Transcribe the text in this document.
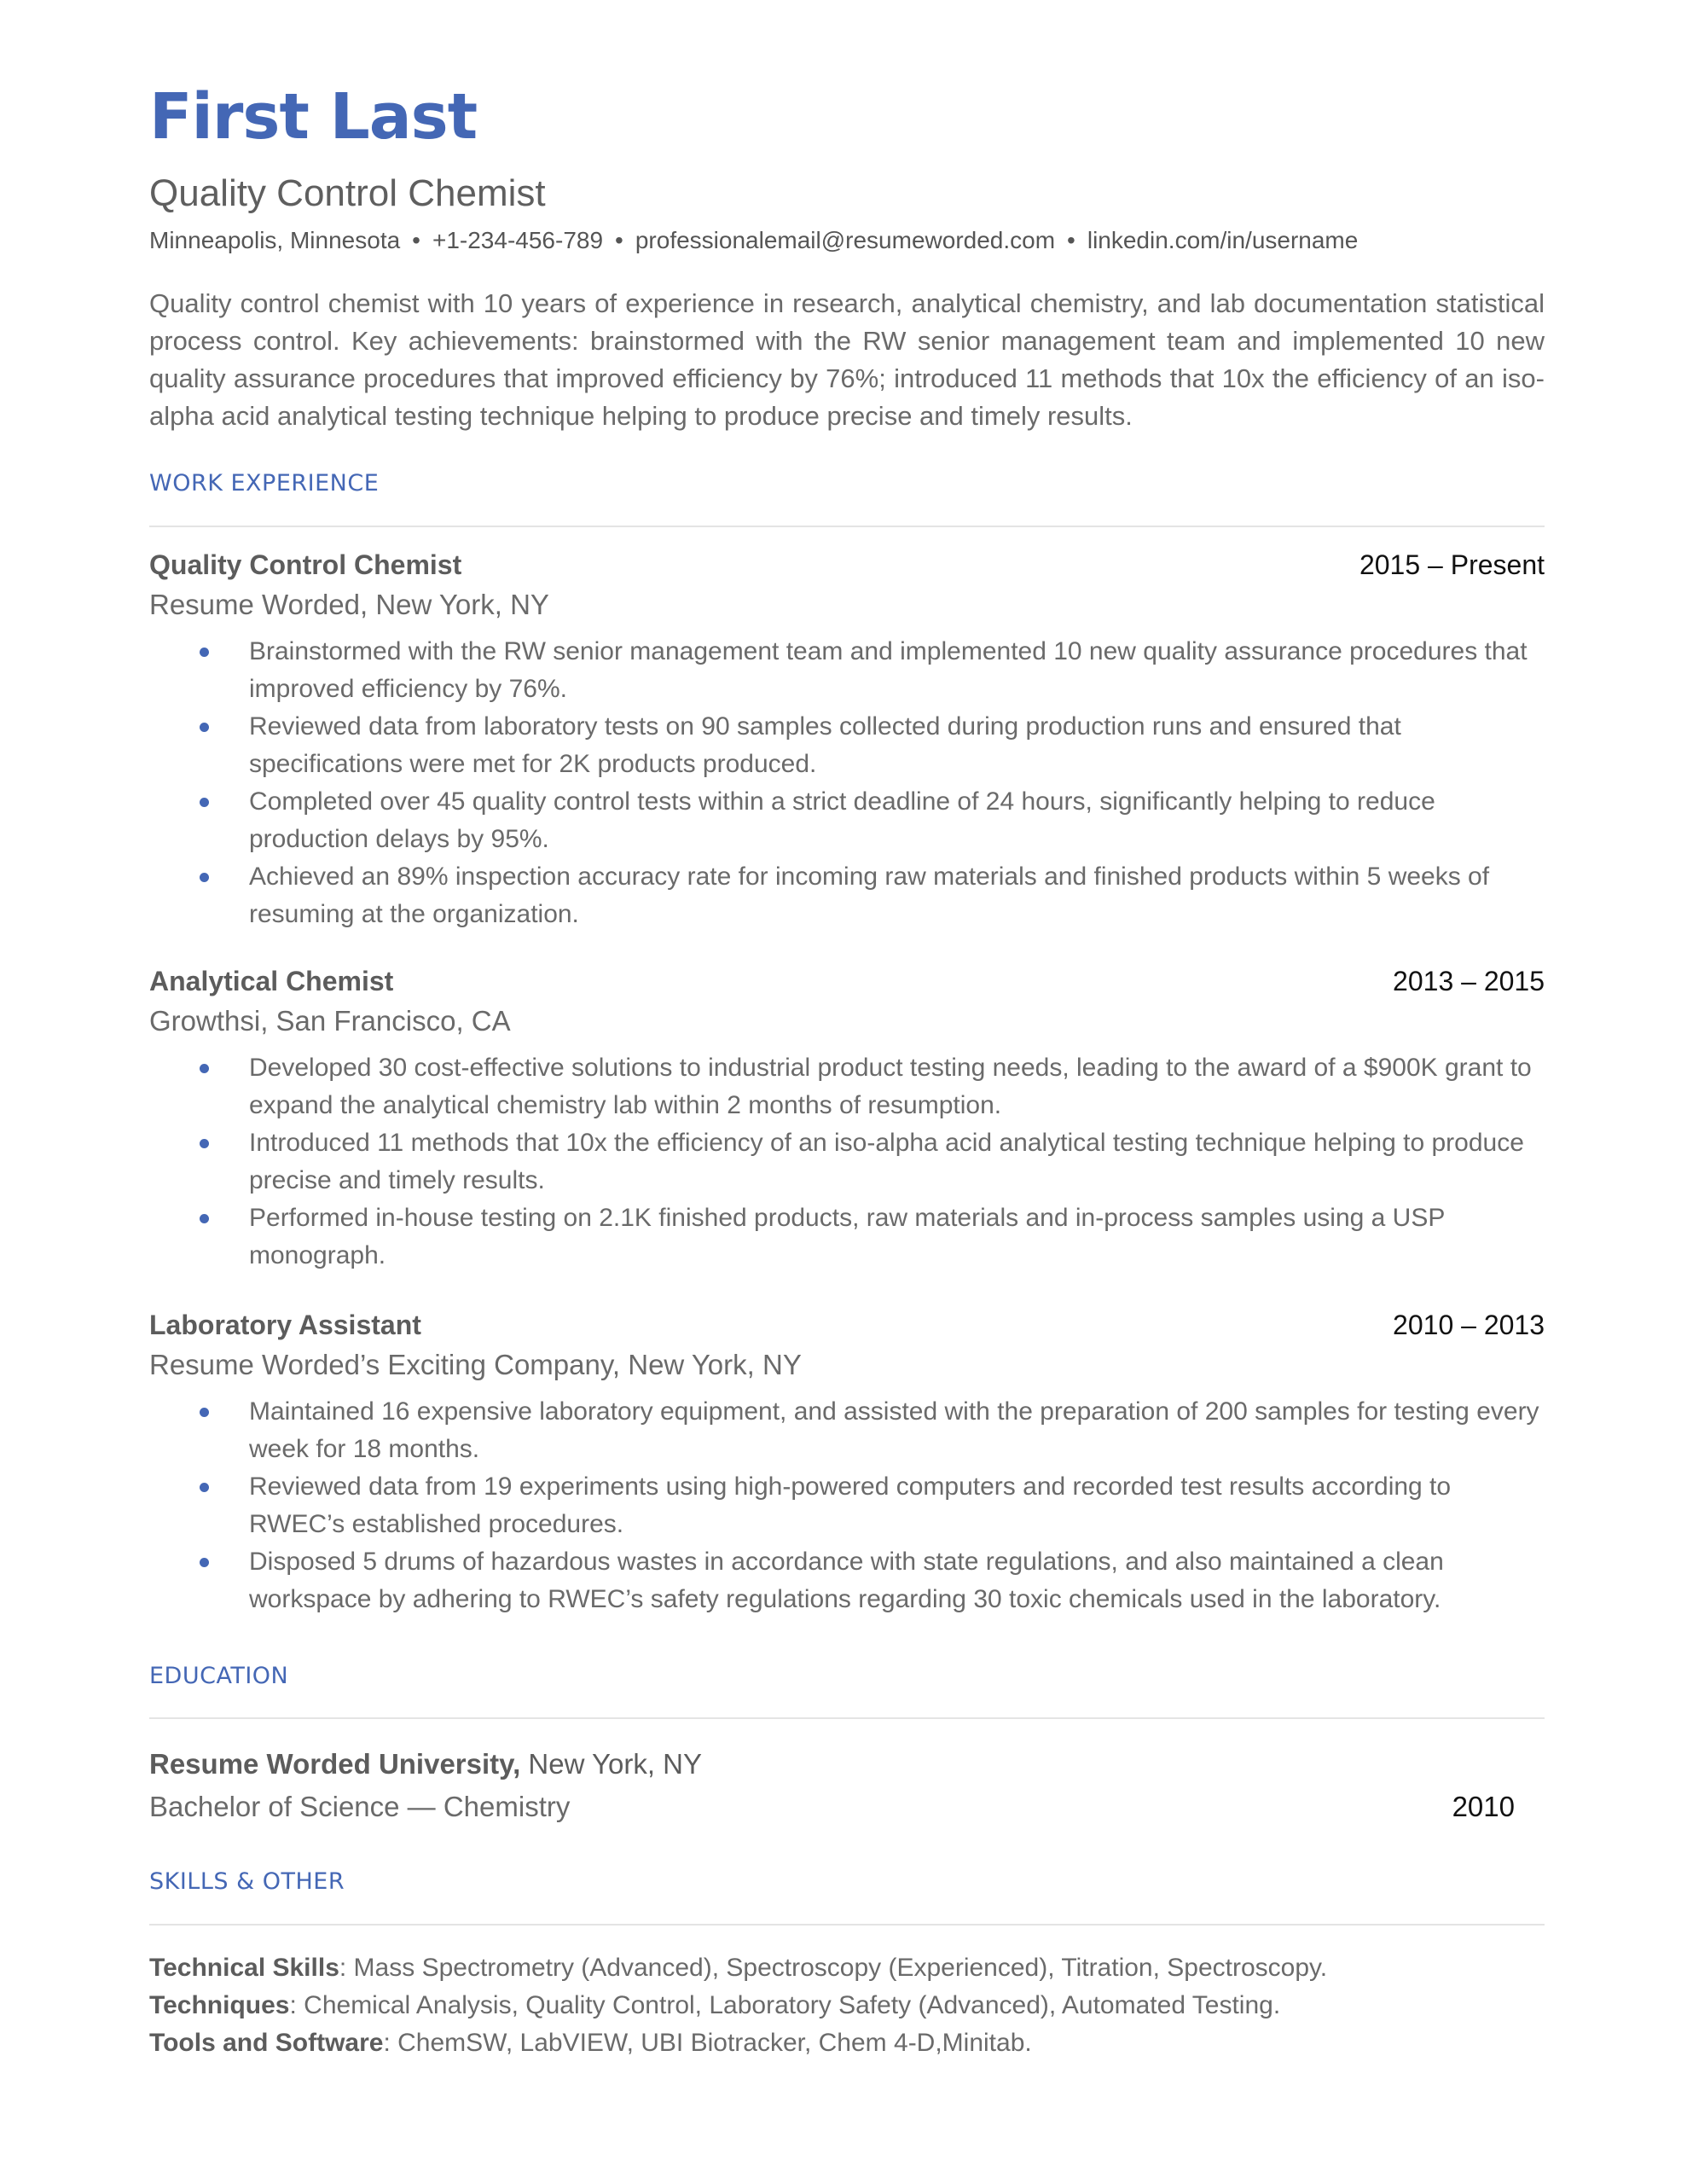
First Last
Quality Control Chemist
Minneapolis, Minnesota • +1-234-456-789 • professionalemail@resumeworded.com • linkedin.com/in/username
Quality control chemist with 10 years of experience in research, analytical chemistry, and lab documentation statistical process control. Key achievements: brainstormed with the RW senior management team and implemented 10 new quality assurance procedures that improved efficiency by 76%; introduced 11 methods that 10x the efficiency of an iso-alpha acid analytical testing technique helping to produce precise and timely results.
WORK EXPERIENCE
Quality Control Chemist	2015 – Present
Resume Worded, New York, NY
Brainstormed with the RW senior management team and implemented 10 new quality assurance procedures that improved efficiency by 76%.
Reviewed data from laboratory tests on 90 samples collected during production runs and ensured that specifications were met for 2K products produced.
Completed over 45 quality control tests within a strict deadline of 24 hours, significantly helping to reduce production delays by 95%.
Achieved an 89% inspection accuracy rate for incoming raw materials and finished products within 5 weeks of resuming at the organization.
Analytical Chemist	2013 – 2015
Growthsi, San Francisco, CA
Developed 30 cost-effective solutions to industrial product testing needs, leading to the award of a $900K grant to expand the analytical chemistry lab within 2 months of resumption.
Introduced 11 methods that 10x the efficiency of an iso-alpha acid analytical testing technique helping to produce precise and timely results.
Performed in-house testing on 2.1K finished products, raw materials and in-process samples using a USP monograph.
Laboratory Assistant	2010 – 2013
Resume Worded’s Exciting Company, New York, NY
Maintained 16 expensive laboratory equipment, and assisted with the preparation of 200 samples for testing every week for 18 months.
Reviewed data from 19 experiments using high-powered computers and recorded test results according to RWEC’s established procedures.
Disposed 5 drums of hazardous wastes in accordance with state regulations, and also maintained a clean workspace by adhering to RWEC’s safety regulations regarding 30 toxic chemicals used in the laboratory.
EDUCATION
Resume Worded University, New York, NY
Bachelor of Science — Chemistry	2010
SKILLS & OTHER
Technical Skills: Mass Spectrometry (Advanced), Spectroscopy (Experienced), Titration, Spectroscopy.
Techniques: Chemical Analysis, Quality Control, Laboratory Safety (Advanced), Automated Testing.
Tools and Software: ChemSW, LabVIEW, UBI Biotracker, Chem 4-D,Minitab.
